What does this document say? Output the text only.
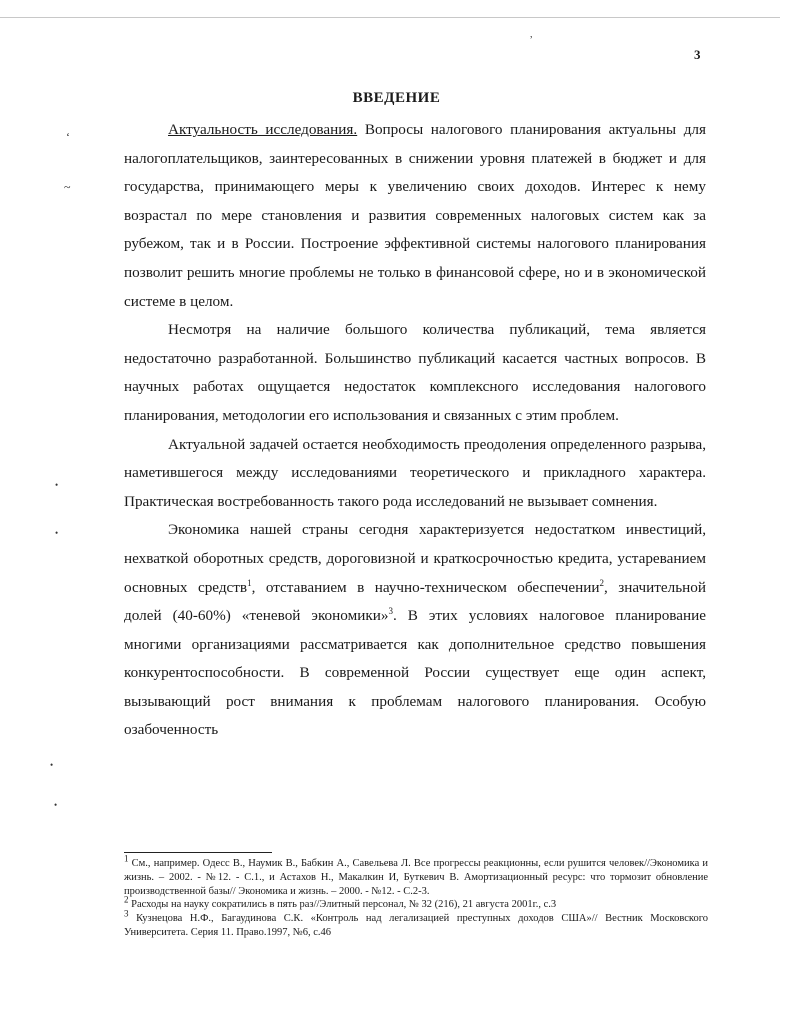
,
ʻ
~
•
•
•
•
3
ВВЕДЕНИЕ

Актуальность исследования. Вопросы налогового планирования актуальны для налогоплательщиков, заинтересованных в снижении уровня платежей в бюджет и для государства, принимающего меры к увеличению своих доходов. Интерес к нему возрастал по мере становления и развития современных налоговых систем как за рубежом, так и в России. Построение эффективной системы налогового планирования позволит решить многие проблемы не только в финансовой сфере, но и в экономической системе в целом.

Несмотря на наличие большого количества публикаций, тема является недостаточно разработанной. Большинство публикаций касается частных вопросов. В научных работах ощущается недостаток комплексного исследования налогового планирования, методологии его использования и связанных с этим проблем.

Актуальной задачей остается необходимость преодоления определенного разрыва, наметившегося между исследованиями теоретического и прикладного характера. Практическая востребованность такого рода исследований не вызывает сомнения.

Экономика нашей страны сегодня характеризуется недостатком инвестиций, нехваткой оборотных средств, дороговизной и краткосрочностью кредита, устареванием основных средств$^1$, отставанием в научно-техническом обеспечении$^2$, значительной долей (40-60%) «теневой экономики»$^3$. В этих условиях налоговое планирование многими организациями рассматривается как дополнительное средство повышения конкурентоспособности. В современной России существует еще один аспект, вызывающий рост внимания к проблемам налогового планирования. Особую озабоченность

$^1$ См., например. Одесс В., Наумик В., Бабкин А., Савельева Л. Все прогрессы реакционны, если рушится человек//Экономика и жизнь. – 2002. - №12. - С.1., и Астахов Н., Макалкин И, Буткевич В. Амортизационный ресурс: что тормозит обновление производственной базы// Экономика и жизнь. – 2000. - №12. - С.2-3.

$^2$ Расходы на науку сократились в пять раз//Элитный персонал, № 32 (216), 21 августа 2001г., с.3

$^3$ Кузнецова Н.Ф., Багаудинова С.К. «Контроль над легализацией преступных доходов США»// Вестник Московского Университета. Серия 11. Право.1997, №6, с.46
